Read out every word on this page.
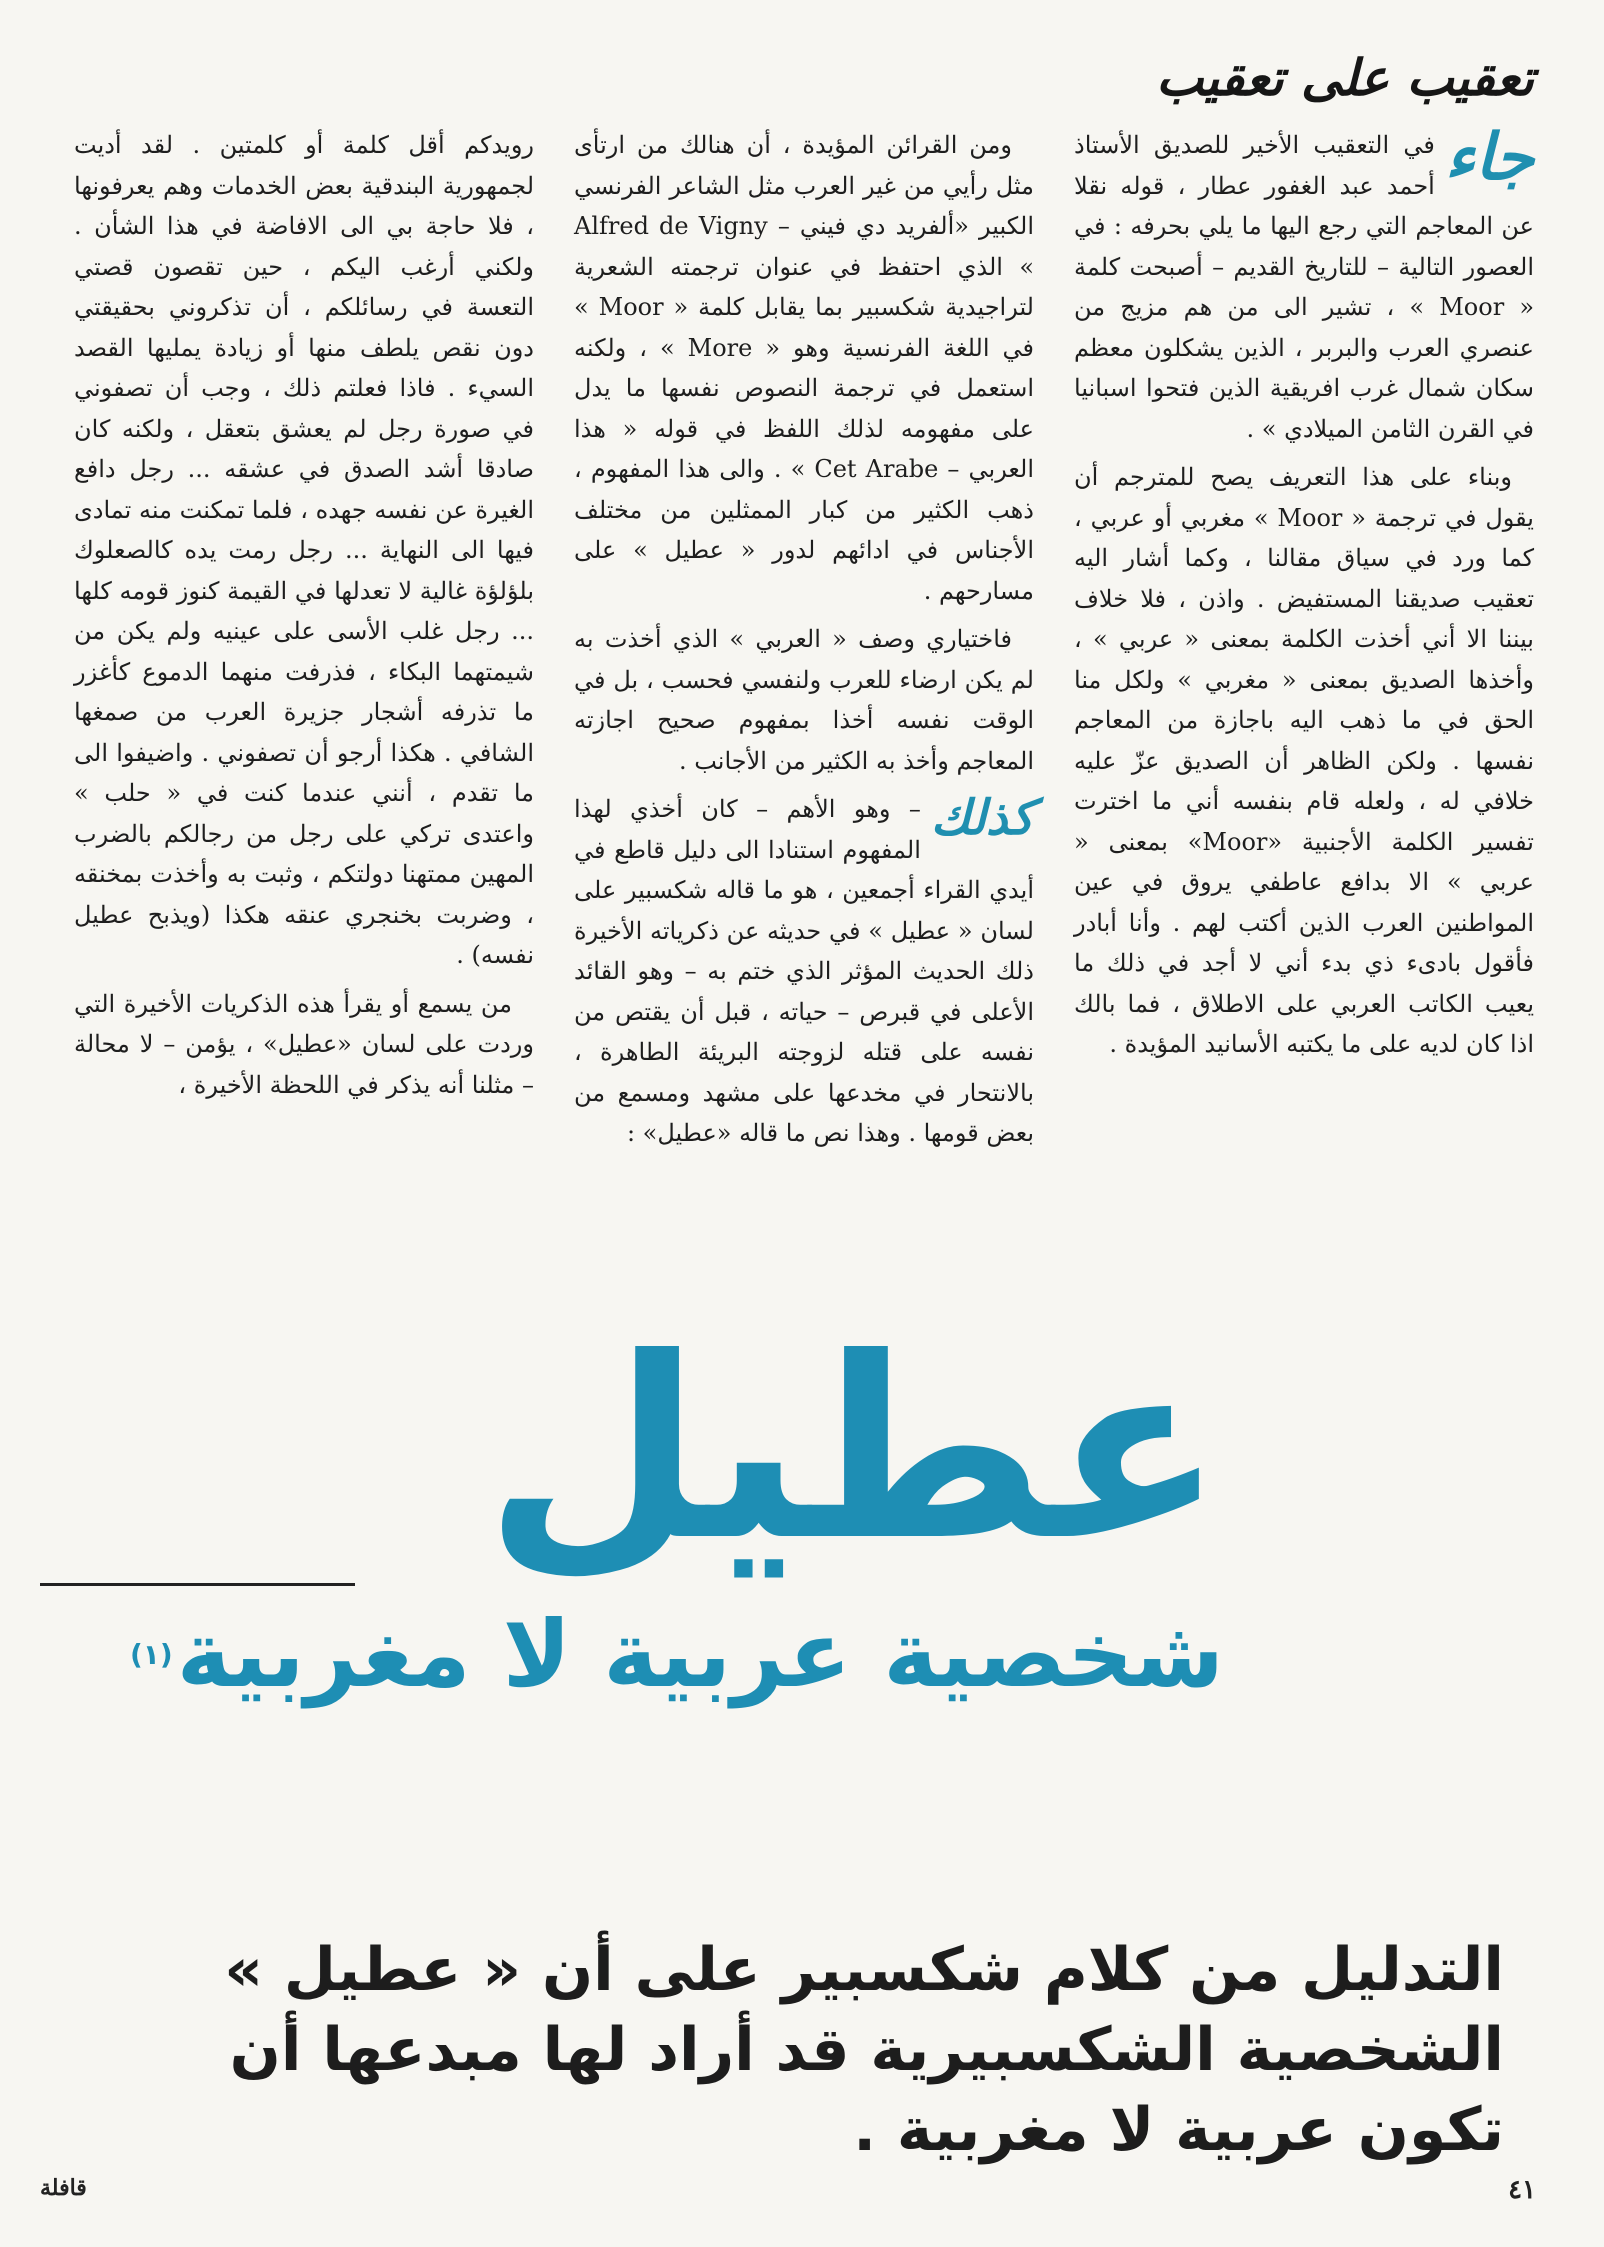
تعقيب على تعقيب

جاء
في التعقيب الأخير للصديق الأستاذ أحمد عبد الغفور عطار ، قوله نقلا عن المعاجم التي رجع اليها ما يلي بحرفه : في العصور التالية – للتاريخ القديم – أصبحت كلمة « Moor » ، تشير الى من هم مزيج من عنصري العرب والبربر ، الذين يشكلون معظم سكان شمال غرب افريقية الذين فتحوا اسبانيا في القرن الثامن الميلادي » .

وبناء على هذا التعريف يصح للمترجم أن يقول في ترجمة « Moor » مغربي أو عربي ، كما ورد في سياق مقالنا ، وكما أشار اليه تعقيب صديقنا المستفيض . واذن ، فلا خلاف بيننا الا أني أخذت الكلمة بمعنى « عربي » ، وأخذها الصديق بمعنى « مغربي » ولكل منا الحق في ما ذهب اليه باجازة من المعاجم نفسها . ولكن الظاهر أن الصديق عزّ عليه خلافي له ، ولعله قام بنفسه أني ما اخترت تفسير الكلمة الأجنبية «Moor» بمعنى « عربي » الا بدافع عاطفي يروق في عين المواطنين العرب الذين أكتب لهم . وأنا أبادر فأقول بادىء ذي بدء أني لا أجد في ذلك ما يعيب الكاتب العربي على الاطلاق ، فما بالك اذا كان لديه على ما يكتبه الأسانيد المؤيدة .

ومن القرائن المؤيدة ، أن هنالك من ارتأى مثل رأيي من غير العرب مثل الشاعر الفرنسي الكبير «ألفريد دي فيني – Alfred de Vigny » الذي احتفظ في عنوان ترجمته الشعرية لتراجيدية شكسبير بما يقابل كلمة « Moor » في اللغة الفرنسية وهو « More » ، ولكنه استعمل في ترجمة النصوص نفسها ما يدل على مفهومه لذلك اللفظ في قوله « هذا العربي – Cet Arabe » . والى هذا المفهوم ، ذهب الكثير من كبار الممثلين من مختلف الأجناس في ادائهم لدور « عطيل » على مسارحهم .

فاختياري وصف « العربي » الذي أخذت به لم يكن ارضاء للعرب ولنفسي فحسب ، بل في الوقت نفسه أخذا بمفهوم صحيح اجازته المعاجم وأخذ به الكثير من الأجانب .

كذلك
– وهو الأهم – كان أخذي لهذا المفهوم استنادا الى دليل قاطع في أيدي القراء أجمعين ، هو ما قاله شكسبير على لسان « عطيل » في حديثه عن ذكرياته الأخيرة ذلك الحديث المؤثر الذي ختم به – وهو القائد الأعلى في قبرص – حياته ، قبل أن يقتص من نفسه على قتله لزوجته البريئة الطاهرة ، بالانتحار في مخدعها على مشهد ومسمع من بعض قومها . وهذا نص ما قاله «عطيل» :

رويدكم أقل كلمة أو كلمتين . لقد أديت لجمهورية البندقية بعض الخدمات وهم يعرفونها ، فلا حاجة بي الى الافاضة في هذا الشأن . ولكني أرغب اليكم ، حين تقصون قصتي التعسة في رسائلكم ، أن تذكروني بحقيقتي دون نقص يلطف منها أو زيادة يمليها القصد السيء . فاذا فعلتم ذلك ، وجب أن تصفوني في صورة رجل لم يعشق بتعقل ، ولكنه كان صادقا أشد الصدق في عشقه ... رجل دافع الغيرة عن نفسه جهده ، فلما تمكنت منه تمادى فيها الى النهاية ... رجل رمت يده كالصعلوك بلؤلؤة غالية لا تعدلها في القيمة كنوز قومه كلها ... رجل غلب الأسى على عينيه ولم يكن من شيمتهما البكاء ، فذرفت منهما الدموع كأغزر ما تذرفه أشجار جزيرة العرب من صمغها الشافي . هكذا أرجو أن تصفوني . واضيفوا الى ما تقدم ، أنني عندما كنت في « حلب » واعتدى تركي على رجل من رجالكم بالضرب المهين ممتهنا دولتكم ، وثبت به وأخذت بمخنقه ، وضربت بخنجري عنقه هكذا (ويذبح عطيل نفسه) .

من يسمع أو يقرأ هذه الذكريات الأخيرة التي وردت على لسان «عطيل» ، يؤمن – لا محالة – مثلنا أنه يذكر في اللحظة الأخيرة ،

عطيل
شخصية عربية لا مغربية$^{(١)}$
التدليل من كلام شكسبير على أن « عطيل »
الشخصية الشكسبيرية قد أراد لها مبدعها أن تكون عربية لا مغربية .
٤١
قافلة
